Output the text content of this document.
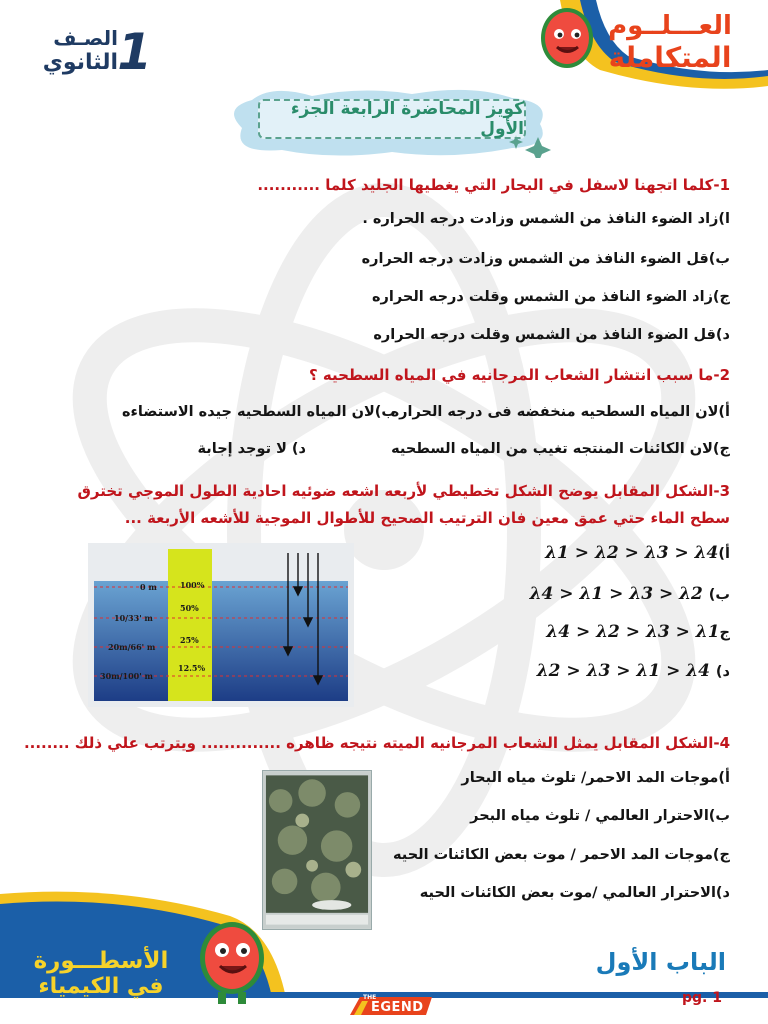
العـــلــوم
المتكاملة
1
الصـف
الثانوي
كويز المحاضرة الرابعة الجزء الأول
1-كلما اتجهنا لاسفل في البحار التي يغطيها الجليد كلما ...........
ا)زاد الضوء النافذ من الشمس وزادت درجه الحراره .
ب)قل الضوء النافذ من الشمس وزادت درجه الحراره
ج)زاد الضوء النافذ من الشمس وقلت درجه الحراره
د)قل الضوء النافذ من الشمس وقلت درجه الحراره
2-ما سبب انتشار الشعاب المرجانيه في المياه السطحيه ؟
أ)لان المياه السطحيه منخفضه فى درجه الحراره
ب)لان المياه السطحيه جيده الاستضاءه
ج)لان الكائنات المنتجه تغيب من المياه السطحيه
د) لا توجد إجابة
3-الشكل المقابل يوضح الشكل تخطيطي لأربعه اشعه ضوئيه احادية الطول الموجي تخترق
سطح الماء حتي عمق معين فان الترتيب الصحيح للأطوال الموجية للأشعه الأربعة ...
أ)𝝀1 > 𝝀2 > 𝝀3 > 𝝀4
ب) 𝝀4 > 𝝀1 > 𝝀3 > 𝝀2
ج𝝀4 > 𝝀2 > 𝝀3 > 𝝀1
د) 𝝀2 > 𝝀3 > 𝝀1 > 𝝀4
0 m
10/33' m
20m/66' m
30m/100' m
100%
50%
25%
12.5%
4-الشكل المقابل يمثل الشعاب المرجانيه الميته نتيجه ظاهره .............. ويترتب علي ذلك ........
أ)موجات المد الاحمر/ تلوث مياه البحار
ب)الاحترار العالمي / تلوث مياه البحر
ج)موجات المد الاحمر / موت بعض الكائنات الحيه
د)الاحترار العالمي /موت بعض الكائنات الحيه
الأسطـــورة
في الكيمياء
الباب الأول
pg. 1
THE
EGEND
